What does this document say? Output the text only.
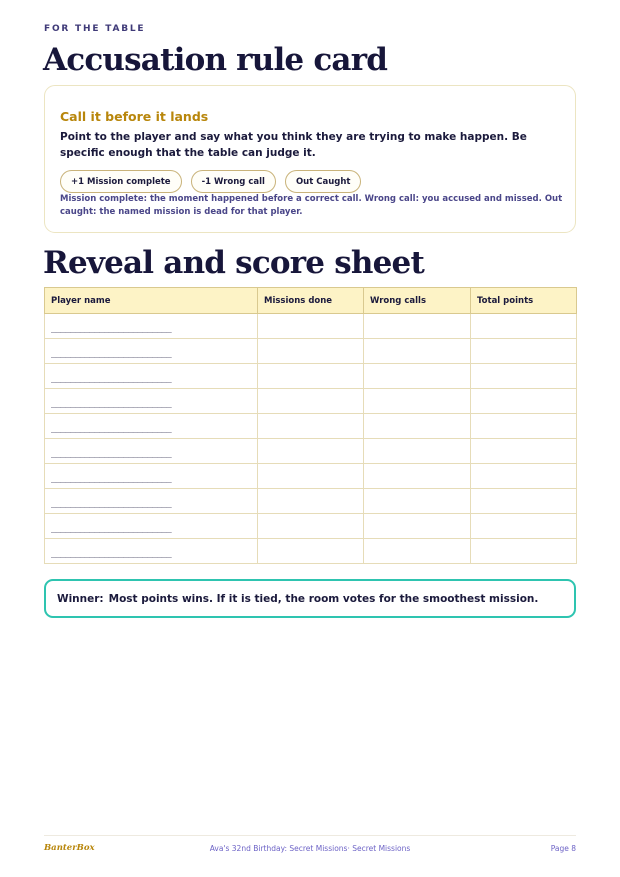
FOR THE TABLE
Accusation rule card
Call it before it lands
Point to the player and say what you think they are trying to make happen. Be specific enough that the table can judge it.
+1 Mission complete	-1 Wrong call	Out Caught
Mission complete: the moment happened before a correct call. Wrong call: you accused and missed. Out caught: the named mission is dead for that player.
Reveal and score sheet
Player name	Missions done	Wrong calls	Total points
_________________________			
_________________________			
_________________________			
_________________________			
_________________________			
_________________________			
_________________________			
_________________________			
_________________________			
_________________________			
Winner: Most points wins. If it is tied, the room votes for the smoothest mission.
BanterBox	Ava's 32nd Birthday: Secret Missions· Secret Missions	Page 8
